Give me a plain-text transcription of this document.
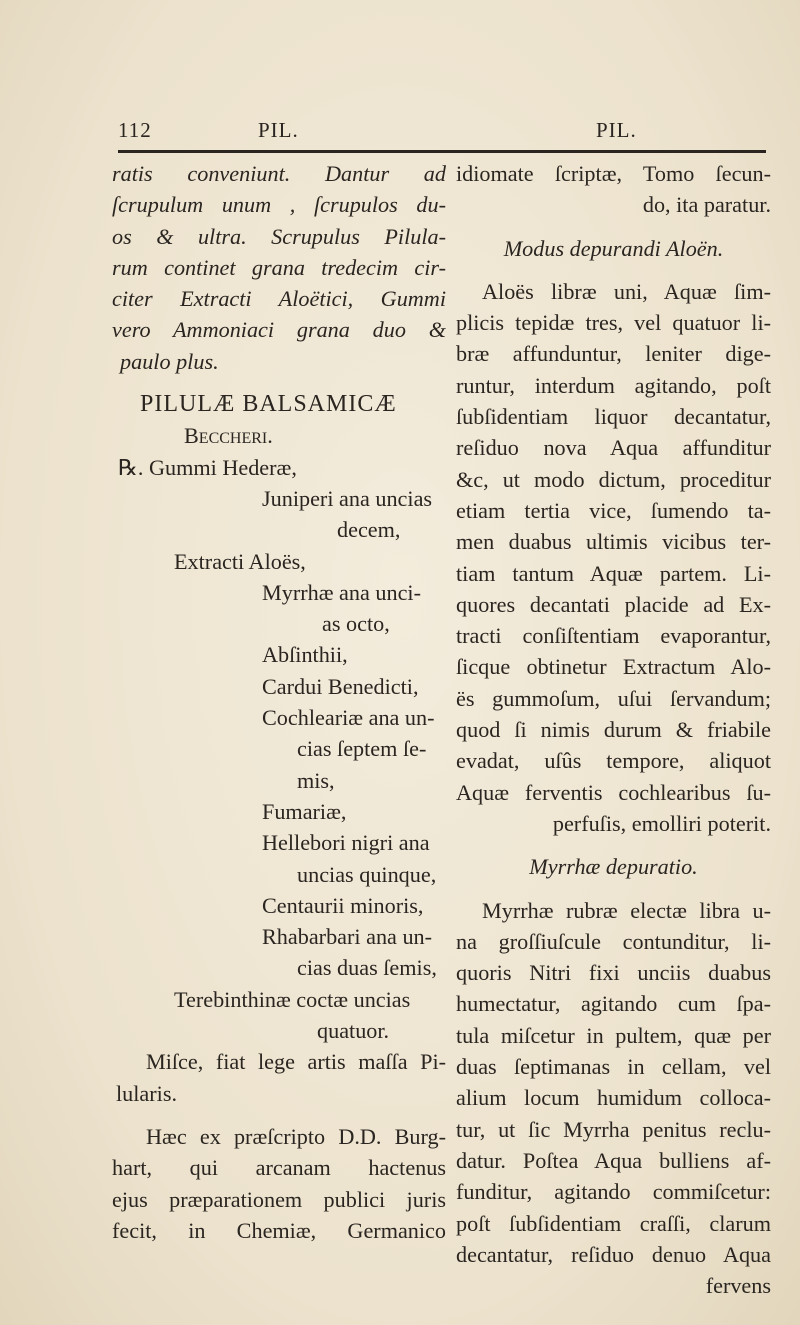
112	PIL.	PIL.
ratis conveniunt. Dantur ad
ſcrupulum unum , ſcrupulos du-
os & ultra. Scrupulus Pilula-
rum continet grana tredecim cir-
citer Extracti Aloëtici, Gummi
vero Ammoniaci grana duo &
paulo plus.
PILULÆ BALSAMICÆ
Beccheri.
℞. Gummi Hederæ,
Juniperi ana uncias
decem,
Extracti Aloës,
Myrrhæ ana unci-
as octo,
Abſinthii,
Cardui Benedicti,
Cochleariæ ana un-
cias ſeptem ſe-
mis,
Fumariæ,
Hellebori nigri ana
uncias quinque,
Centaurii minoris,
Rhabarbari ana un-
cias duas ſemis,
Terebinthinæ coctæ uncias
quatuor.
Miſce, fiat lege artis maſſa Pi-
lularis.
Hæc ex præſcripto D.D. Burg-
hart, qui arcanam hactenus
ejus præparationem publici juris
fecit, in Chemiæ, Germanico
idiomate ſcriptæ, Tomo ſecun-
do, ita paratur.
Modus depurandi Aloën.
Aloës libræ uni, Aquæ ſim-
plicis tepidæ tres, vel quatuor li-
bræ affunduntur, leniter dige-
runtur, interdum agitando, poſt
ſubſidentiam liquor decantatur,
reſiduo nova Aqua affunditur
&c, ut modo dictum, proceditur
etiam tertia vice, ſumendo ta-
men duabus ultimis vicibus ter-
tiam tantum Aquæ partem. Li-
quores decantati placide ad Ex-
tracti conſiſtentiam evaporantur,
ſicque obtinetur Extractum Alo-
ës gummoſum, uſui ſervandum;
quod ſi nimis durum & friabile
evadat, uſûs tempore, aliquot
Aquæ ferventis cochlearibus ſu-
perfuſis, emolliri poterit.
Myrrhæ depuratio.
Myrrhæ rubræ electæ libra u-
na groſſiuſcule contunditur, li-
quoris Nitri fixi unciis duabus
humectatur, agitando cum ſpa-
tula miſcetur in pultem, quæ per
duas ſeptimanas in cellam, vel
alium locum humidum colloca-
tur, ut ſic Myrrha penitus reclu-
datur. Poſtea Aqua bulliens af-
funditur, agitando commiſcetur:
poſt ſubſidentiam craſſi, clarum
decantatur, reſiduo denuo Aqua
fervens
